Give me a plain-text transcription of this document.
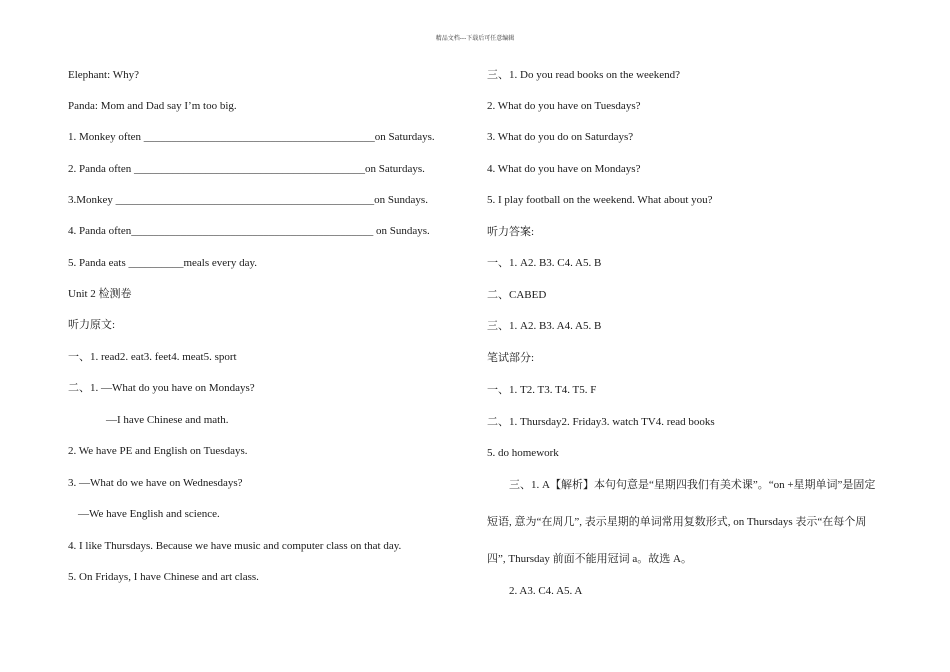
精品文档---下载后可任意编辑
Elephant: Why?
Panda: Mom and Dad say I’m too big.
1. Monkey often __________________________________________on Saturdays.
2. Panda often __________________________________________on Saturdays.
3.Monkey _______________________________________________on Sundays.
4. Panda often____________________________________________ on Sundays.
5. Panda eats __________meals every day.
Unit 2 检测卷
听力原文:
一、1. read2. eat3. feet4. meat5. sport
二、1. —What do you have on Mondays?
—I have Chinese and math.
2. We have PE and English on Tuesdays.
3. —What do we have on Wednesdays?
—We have English and science.
4. I like Thursdays. Because we have music and computer class on that day.
5. On Fridays, I have Chinese and art class.
三、1. Do you read books on the weekend?
2. What do you have on Tuesdays?
3. What do you do on Saturdays?
4. What do you have on Mondays?
5. I play football on the weekend. What about you?
听力答案:
一、1. A2. B3. C4. A5. B
二、CABED
三、1. A2. B3. A4. A5. B
笔试部分:
一、1. T2. T3. T4. T5. F
二、1. Thursday2. Friday3. watch TV4. read books
5. do homework
三、1. A【解析】本句句意是“星期四我们有美术课”。“on +星期单词”是固定
短语, 意为“在周几”, 表示星期的单词常用复数形式, on Thursdays 表示“在每个周
四”, Thursday 前面不能用冠词 a。故选 A。
2. A3. C4. A5. A
